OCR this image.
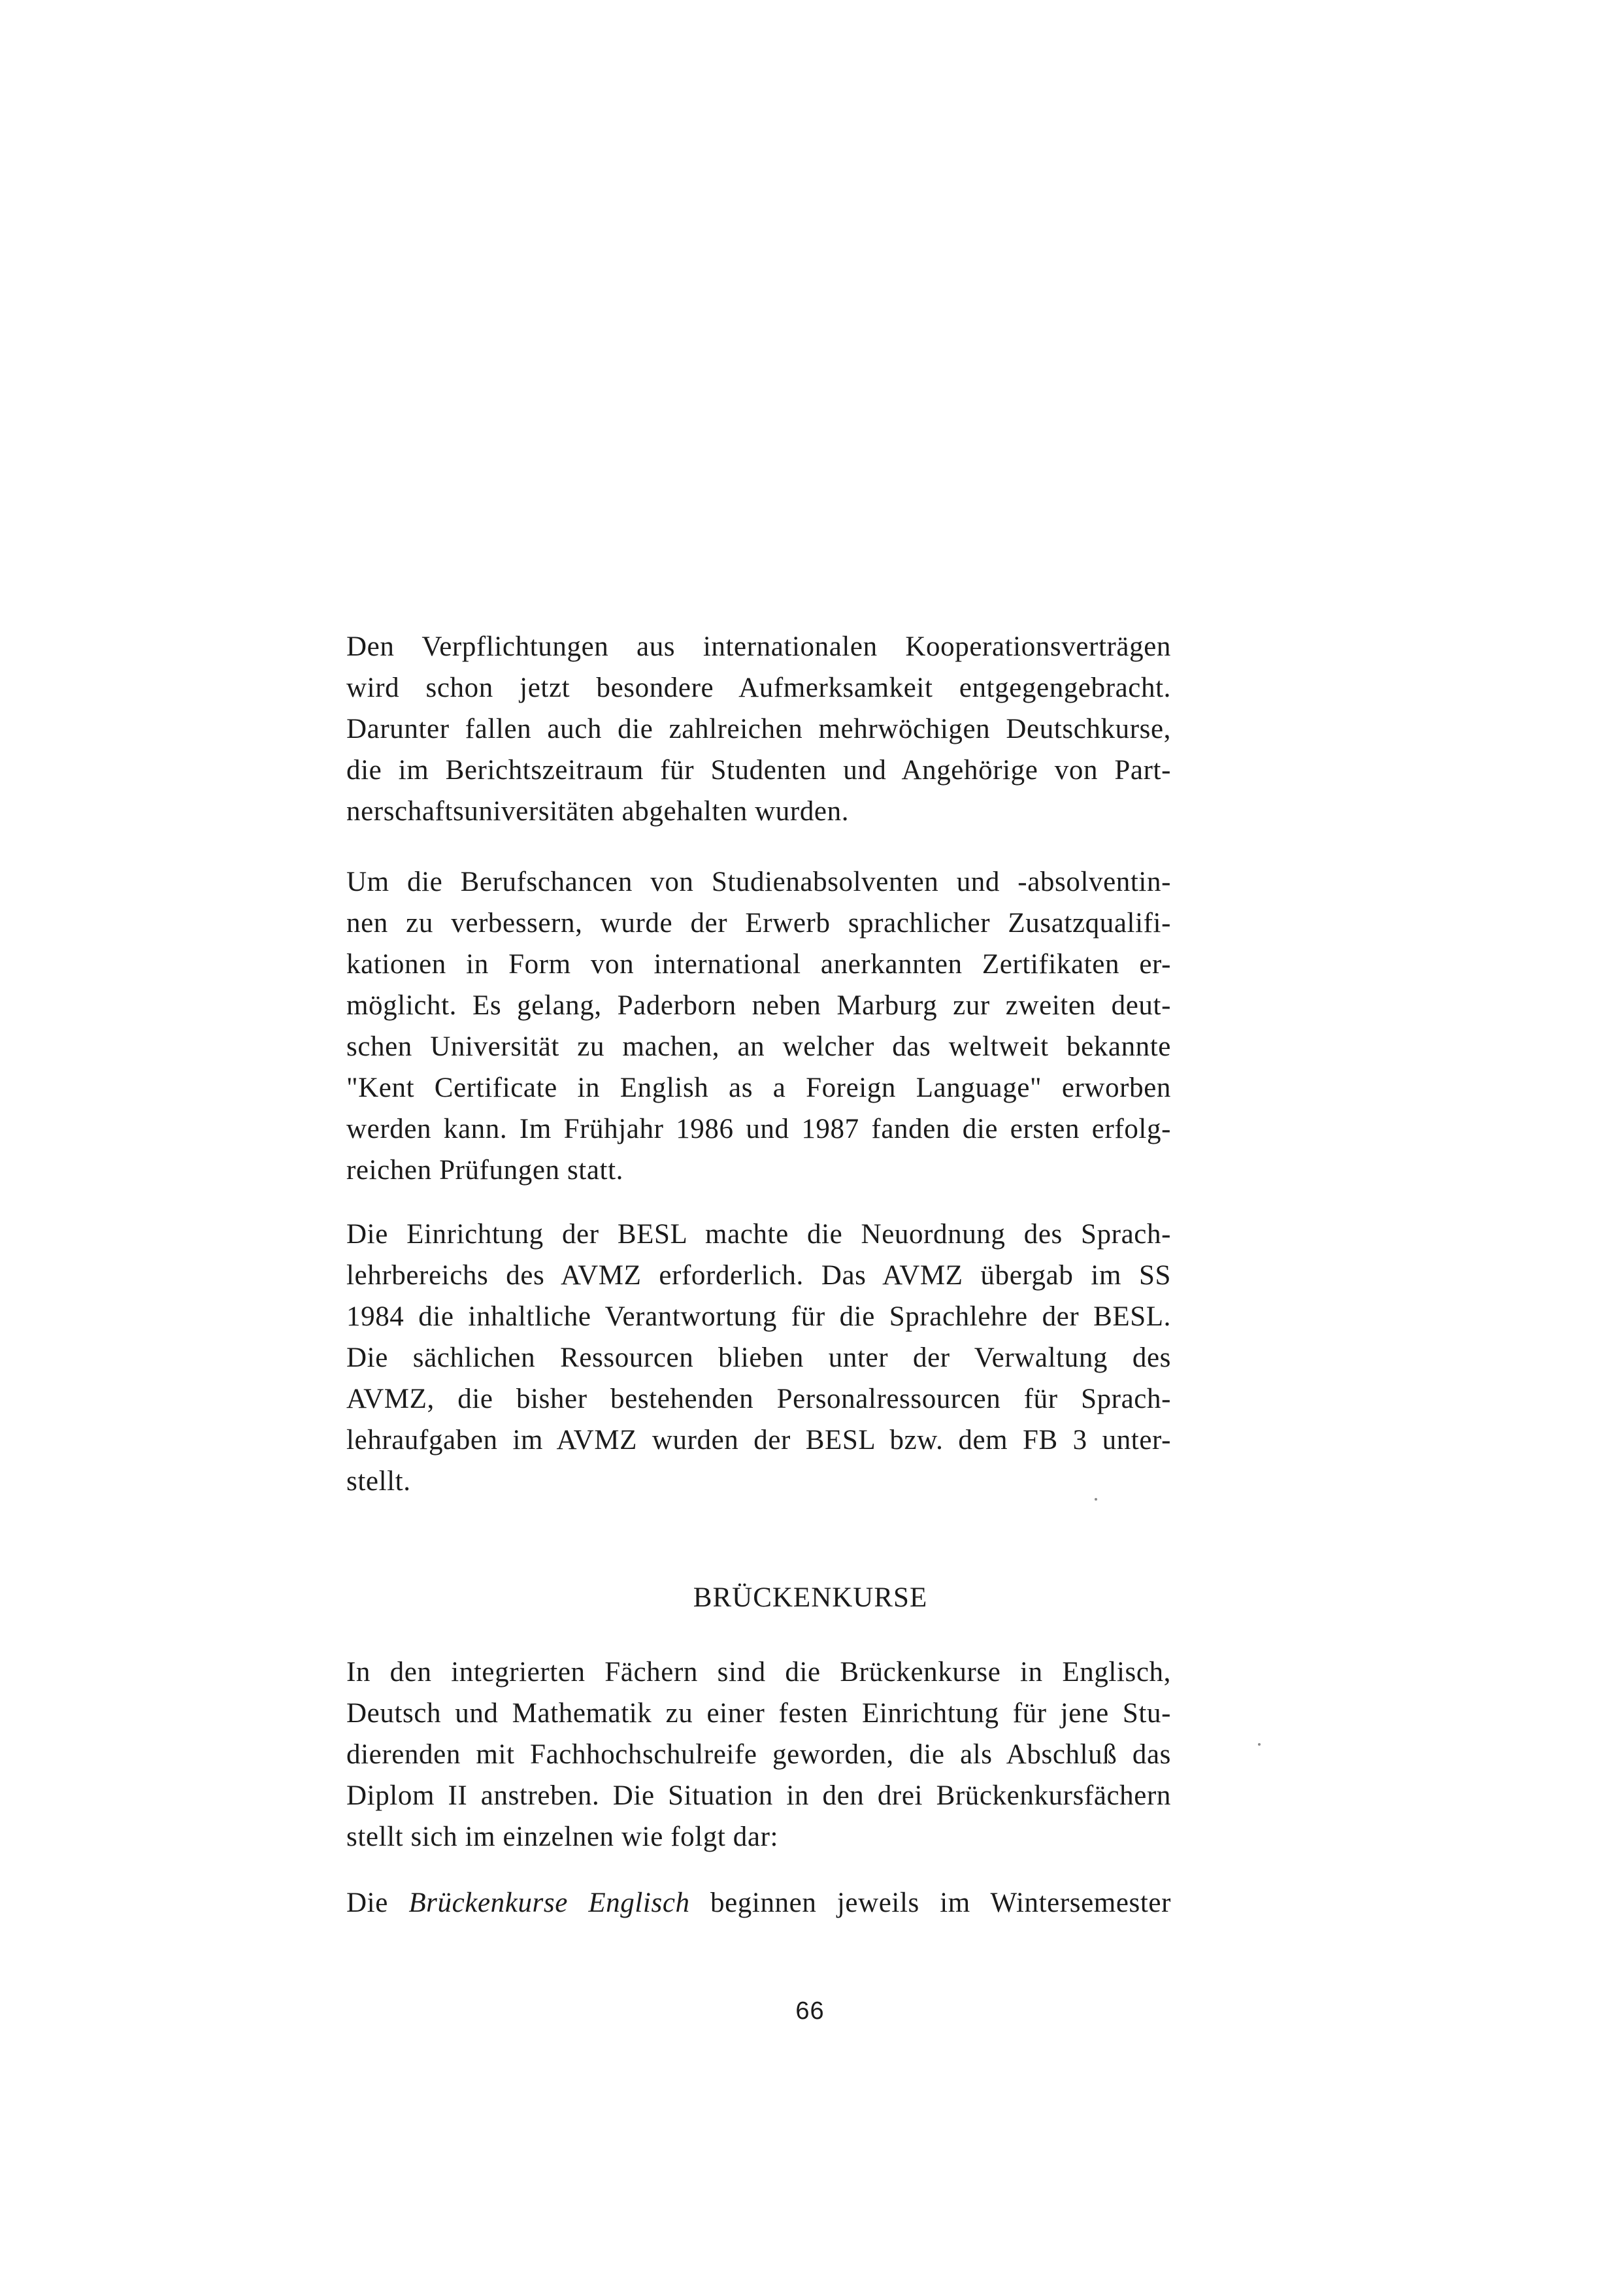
Den Verpflichtungen aus internationalen Kooperationsverträgen
wird schon jetzt besondere Aufmerksamkeit entgegengebracht.
Darunter fallen auch die zahlreichen mehrwöchigen Deutschkurse,
die im Berichtszeitraum für Studenten und Angehörige von Part-
nerschaftsuniversitäten abgehalten wurden.
Um die Berufschancen von Studienabsolventen und -absolventin-
nen zu verbessern, wurde der Erwerb sprachlicher Zusatzqualifi-
kationen in Form von international anerkannten Zertifikaten er-
möglicht. Es gelang, Paderborn neben Marburg zur zweiten deut-
schen Universität zu machen, an welcher das weltweit bekannte
"Kent Certificate in English as a Foreign Language" erworben
werden kann. Im Frühjahr 1986 und 1987 fanden die ersten erfolg-
reichen Prüfungen statt.
Die Einrichtung der BESL machte die Neuordnung des Sprach-
lehrbereichs des AVMZ erforderlich. Das AVMZ übergab im SS
1984 die inhaltliche Verantwortung für die Sprachlehre der BESL.
Die sächlichen Ressourcen blieben unter der Verwaltung des
AVMZ, die bisher bestehenden Personalressourcen für Sprach-
lehraufgaben im AVMZ wurden der BESL bzw. dem FB 3 unter-
stellt.
BRÜCKENKURSE
In den integrierten Fächern sind die Brückenkurse in Englisch,
Deutsch und Mathematik zu einer festen Einrichtung für jene Stu-
dierenden mit Fachhochschulreife geworden, die als Abschluß das
Diplom II anstreben. Die Situation in den drei Brückenkursfächern
stellt sich im einzelnen wie folgt dar:
Die Brückenkurse Englisch beginnen jeweils im Wintersemester
66
